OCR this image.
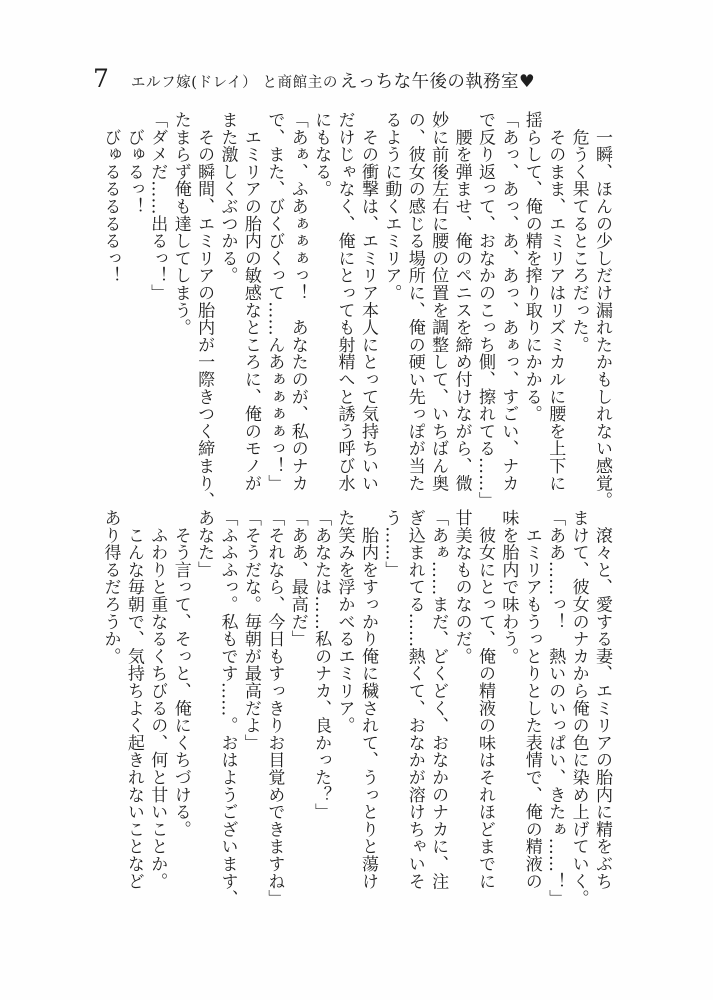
7 エルフ嫁(ドレイ） と商館主の えっちな午後の執務室♥
　一瞬、ほんの少しだけ漏れたかもしれない感覚。
　危うく果てるところだった。
　そのまま、エミリアはリズミカルに腰を上下に
揺らして、俺の精を搾り取りにかかる。
「あっ、あっ、あ、あっ、あぁっ、すごい、ナカ
で反り返って、おなかのこっち側、擦れてる……」
　腰を弾ませ、俺のペニスを締め付けながら、微
妙に前後左右に腰の位置を調整して、いちばん奥
の、彼女の感じる場所に、俺の硬い先っぽが当た
るように動くエミリア。
　その衝撃は、エミリア本人にとって気持ちいい
だけじゃなく、俺にとっても射精へと誘う呼び水
にもなる。
「あぁ、ふあぁぁぁっ！　あなたのが、私のナカ
で、また、びくびくって……んあぁぁぁぁっ！」
　エミリアの胎内の敏感なところに、俺のモノが
また激しくぶつかる。
　その瞬間、エミリアの胎内が一際きつく締まり、
たまらず俺も達してしまう。
「ダメだ……出るっ！」
　びゅるっ！
　びゅるるるるるっ！
　滾々と、愛する妻、エミリアの胎内に精をぶち
まけて、彼女のナカから俺の色に染め上げていく。
「ああ……っ！　熱いのいっぱい、きたぁ……！」
　エミリアもうっとりとした表情で、俺の精液の
味を胎内で味わう。
　彼女にとって、俺の精液の味はそれほどまでに
甘美なものなのだ。
「あぁ……まだ、どくどく、おなかのナカに、注
ぎ込まれてる……熱くて、おなかが溶けちゃいそ
う……」
　胎内をすっかり俺に穢されて、うっとりと蕩け
た笑みを浮かべるエミリア。
「あなたは……私のナカ、良かった？」
「ああ、最高だ」
「それなら、今日もすっきりお目覚めできますね」
「そうだな。毎朝が最高だよ」
「ふふふっ。私もです……。おはようございます、
あなた」
　そう言って、そっと、俺にくちづける。
　ふわりと重なるくちびるの、何と甘いことか。
　こんな毎朝で、気持ちよく起きれないことなど
あり得るだろうか。
